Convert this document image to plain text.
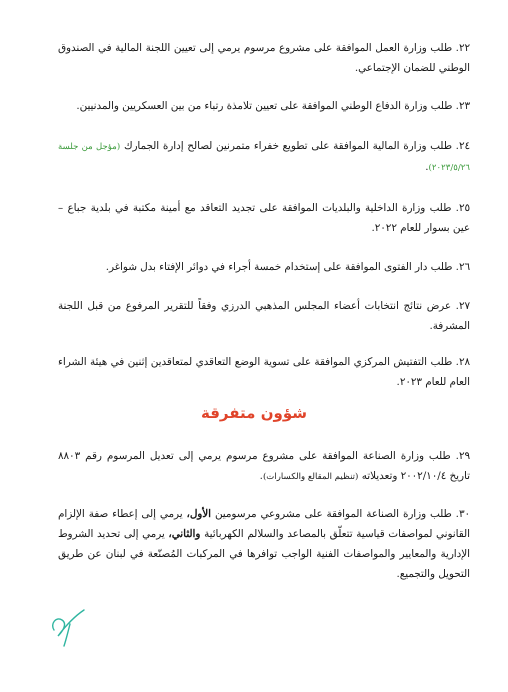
٢٢. طلب وزارة العمل الموافقة على مشروع مرسوم يرمي إلى تعيين اللجنة المالية في الصندوق الوطني للضمان الإجتماعي.
٢٣. طلب وزارة الدفاع الوطني الموافقة على تعيين تلامذة رتباء من بين العسكريين والمدنيين.
٢٤. طلب وزارة المالية الموافقة على تطويع خفراء متمرنين لصالح إدارة الجمارك (مؤجل من جلسة ٢٠٢٣/٥/٢٦).
٢٥. طلب وزارة الداخلية والبلديات الموافقة على تجديد التعاقد مع أمينة مكتبة في بلدية جباع – عين بسوار للعام ٢٠٢٢.
٢٦. طلب دار الفتوى الموافقة على إستخدام خمسة أجراء في دوائر الإفتاء بدل شواغر.
٢٧. عرض نتائج انتخابات أعضاء المجلس المذهبي الدرزي وفقاً للتقرير المرفوع من قبل اللجنة المشرفة.
٢٨. طلب التفتيش المركزي الموافقة على تسوية الوضع التعاقدي لمتعاقدين إثنين في هيئة الشراء العام للعام ٢٠٢٣.
شؤون متفرقة
٢٩. طلب وزارة الصناعة الموافقة على مشروع مرسوم يرمي إلى تعديل المرسوم رقم ٨٨٠٣ تاريخ ٢٠٠٢/١٠/٤ وتعديلاته (تنظيم المقالع والكسارات).
٣٠. طلب وزارة الصناعة الموافقة على مشروعي مرسومين الأول، يرمي إلى إعطاء صفة الإلزام القانوني لمواصفات قياسية تتعلّق بالمصاعد والسلالم الكهربائية والثاني، يرمي إلى تحديد الشروط الإدارية والمعايير والمواصفات الفنية الواجب توافرها في المركبات المُصنّعة في لبنان عن طريق التحويل والتجميع.
